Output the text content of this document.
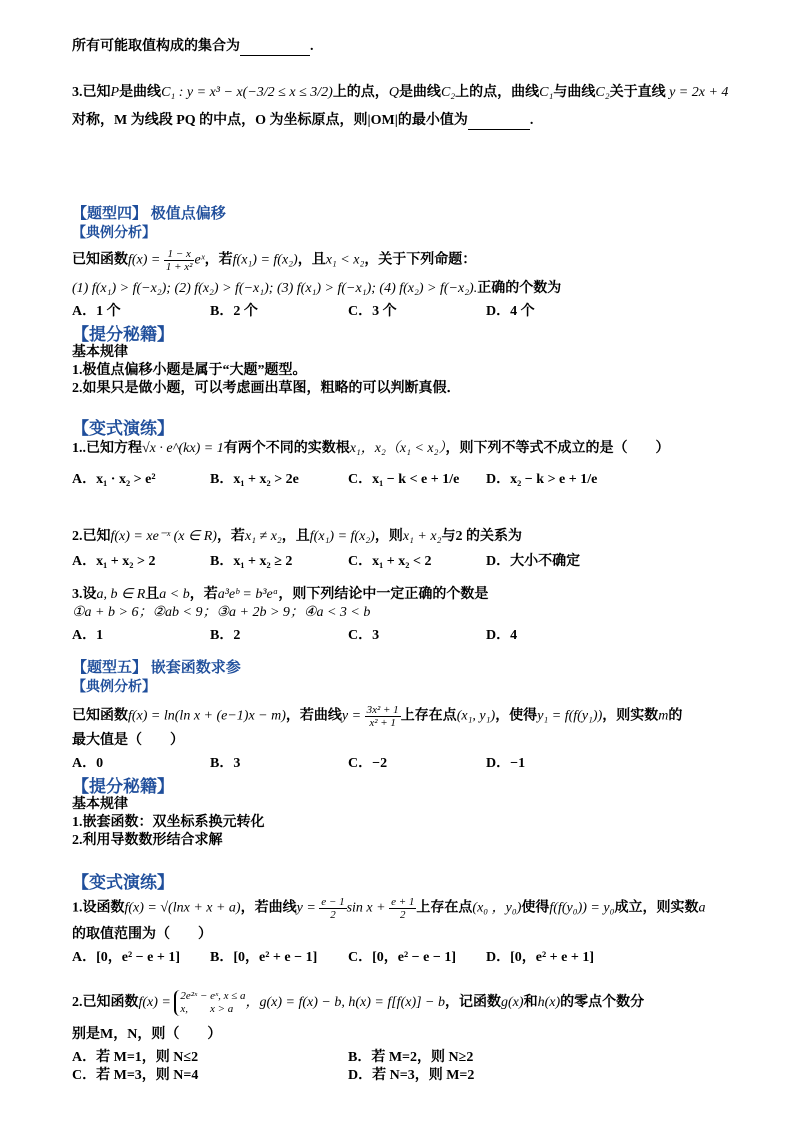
所有可能取值构成的集合为	.
3.已知P是曲线C₁ : y = x³ − x(−3/2 ≤ x ≤ 3/2)上的点，Q是曲线C₂上的点，曲线C₁与曲线C₂关于直线 y = 2x + 4
对称，M 为线段 PQ 的中点，O 为坐标原点，则|OM|的最小值为	.
【题型四】 极值点偏移
【典例分析】
已知函数$f(x) = \frac{1 - x}{\text{1 + x²}}$ eˣ，若f(x₁) = f(x₂)，且x₁ < x₂，关于下列命题：
(1) f(x₁) > f(−x₂); (2) f(x₂) > f(−x₁); (3) f(x₁) > f(−x₁); (4) f(x₂) > f(−x₂).正确的个数为
A．1 个	B．2 个	C．3 个	D．4 个
【提分秘籍】
基本规律
1.极值点偏移小题是属于“大题”题型。
2.如果只是做小题，可以考虑画出草图，粗略的可以判断真假．
【变式演练】
1..已知方程√x · e^(kx) = 1有两个不同的实数根x₁，x₂（x₁ < x₂），则下列不等式不成立的是（　　）
A．x₁ · x₂ > e²	B．x₁ + x₂ > 2e	C．x₁ − k < e + 1/e D．x₂ − k > e + 1/e
2.已知f(x) = xe⁻ˣ (x ∈ R)，若x₁ ≠ x₂，且f(x₁) = f(x₂)，则x₁ + x₂与2 的关系为
A．x₁ + x₂ > 2	B．x₁ + x₂ ≥ 2	C．x₁ + x₂ < 2	D．大小不确定
3.设a, b ∈ R且a < b，若a³eᵇ = b³eᵃ，则下列结论中一定正确的个数是
①a + b > 6；②ab < 9；③a + 2b > 9；④a < 3 < b
A．1	B．2	C．3	D．4
【题型五】 嵌套函数求参
【典例分析】
已知函数f(x) = ln(ln x + (e−1)x − m)，若曲线$y = \frac{\text{3x² + 1}}{\text{x² + 1}}$ 上存在点(x₁, y₁)，使得y₁ = f(f(y₁))，则实数m的
最大值是（　　）
A．0	B．3	C．−2	D．−1
【提分秘籍】
基本规律
1.嵌套函数：双坐标系换元转化
2.利用导数数形结合求解
【变式演练】
1.设函数f(x) = √(lnx + x + a)，若曲线$y = \frac{e - 1}{2}$ $\sin x + \frac{e + 1}{2}$ 上存在点(x₀ ，y₀)使得f(f(y₀)) = y₀成立，则实数a
的取值范围为（　　）
A．[0，e² − e + 1] B．[0，e² + e − 1] C．[0，e² − e − 1] D．[0，e² + e + 1]
2.已知函数f(x) = 2e²ˣ − eˣ, x ≤ a
x,　　x > a ，g(x) = f(x) − b, h(x) = f[f(x)] − b，记函数g(x)和h(x)的零点个数分
别是M，N，则（　　）
A．若 M=1，则 N≤2	B．若 M=2，则 N≥2
C．若 M=3，则 N=4	D．若 N=3，则 M=2
